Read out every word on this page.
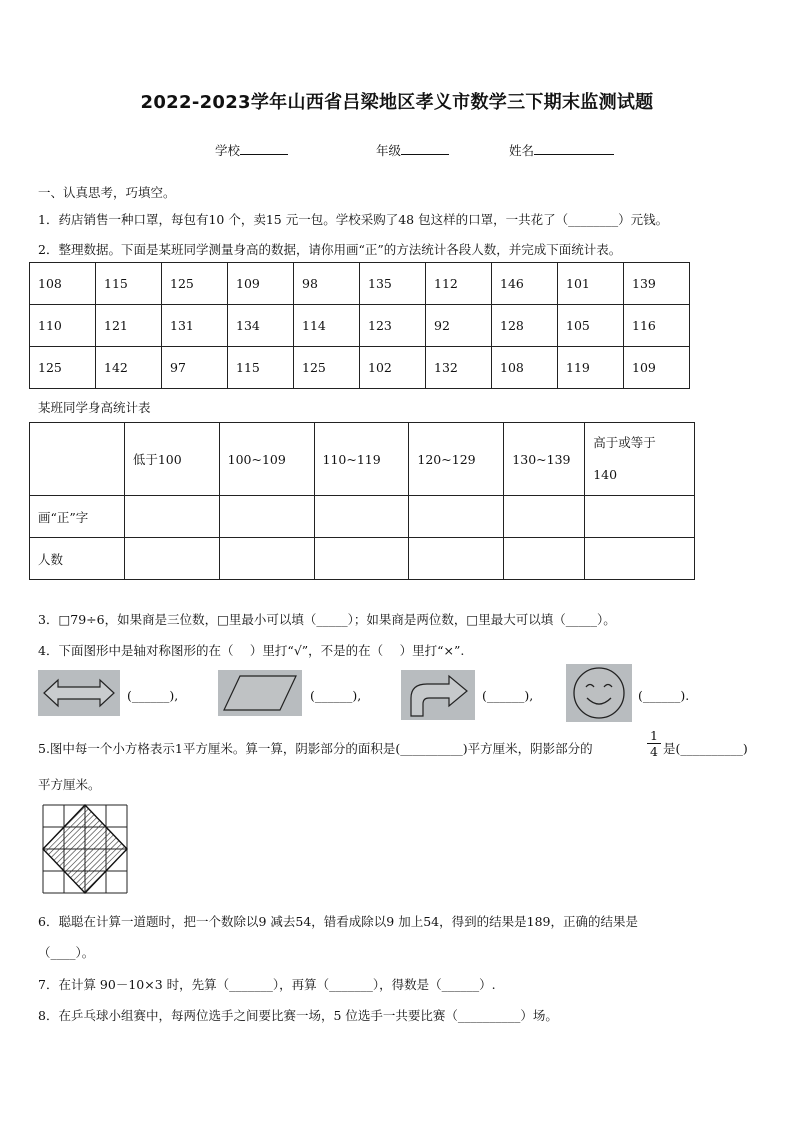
2022-2023学年山西省吕梁地区孝义市数学三下期末监测试题
学校	年级	姓名
一、认真思考，巧填空。
1．药店销售一种口罩，每包有10 个，卖15 元一包。学校采购了48 包这样的口罩，一共花了（________）元钱。
2．整理数据。下面是某班同学测量身高的数据，请你用画“正”的方法统计各段人数，并完成下面统计表。
108	115	125	109	98	135	112	146	101	139
110	121	131	134	114	123	92	128	105	116
125	142	97	115	125	102	132	108	119	109
某班同学身高统计表
	低于100	100~109	110~119	120~129	130~139	高于或等于
140
画“正”字						
人数						
3．□79÷6，如果商是三位数，□里最小可以填（_____）；如果商是两位数，□里最大可以填（_____）。
4．下面图形中是轴对称图形的在（　 ）里打“√”，不是的在（　 ）里打“×”.
(______),	(______),	(______),	(______).
5.图中每一个小方格表示1平方厘米。算一算，阴影部分的面积是(__________)平方厘米，阴影部分的	$\frac{1}{4}$ 是(__________)
平方厘米。
6．聪聪在计算一道题时，把一个数除以9 减去54，错看成除以9 加上54，得到的结果是189，正确的结果是
（____）。
7．在计算 90－10×3 时，先算（_______），再算（_______），得数是（______）.
8．在乒乓球小组赛中，每两位选手之间要比赛一场，5 位选手一共要比赛（__________）场。
